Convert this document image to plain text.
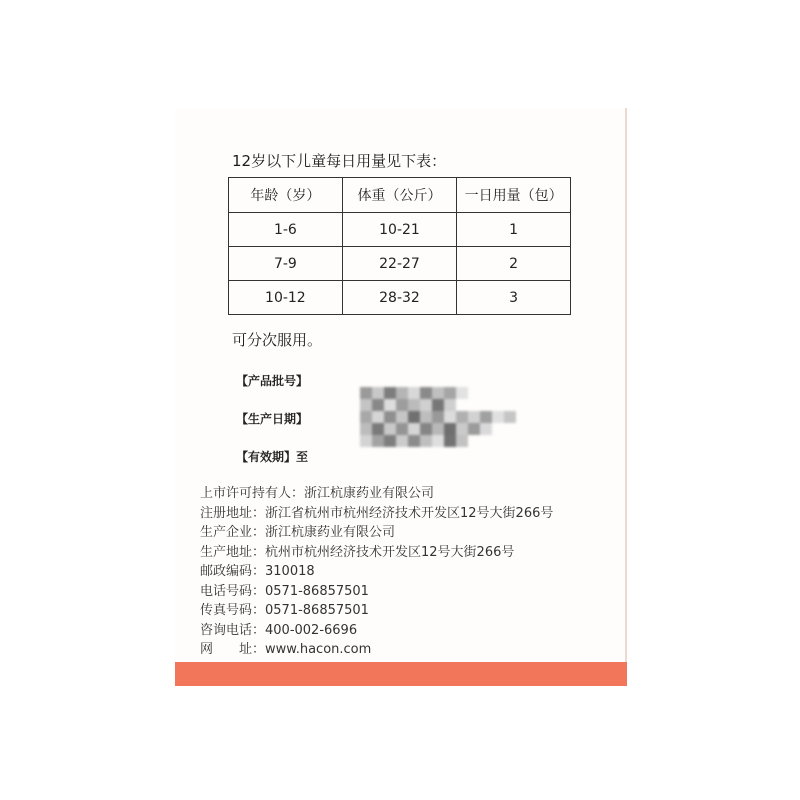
12岁以下儿童每日用量见下表：
年龄（岁）	体重（公斤）	一日用量（包）
1-6	10-21	1
7-9	22-27	2
10-12	28-32	3
可分次服用。
【产品批号】
【生产日期】
【有效期】至
上市许可持有人：浙江杭康药业有限公司
注册地址：浙江省杭州市杭州经济技术开发区12号大街266号
生产企业：浙江杭康药业有限公司
生产地址：杭州市杭州经济技术开发区12号大街266号
邮政编码：310018
电话号码：0571-86857501
传真号码：0571-86857501
咨询电话：400-002-6696
网　　址：www.hacon.com
